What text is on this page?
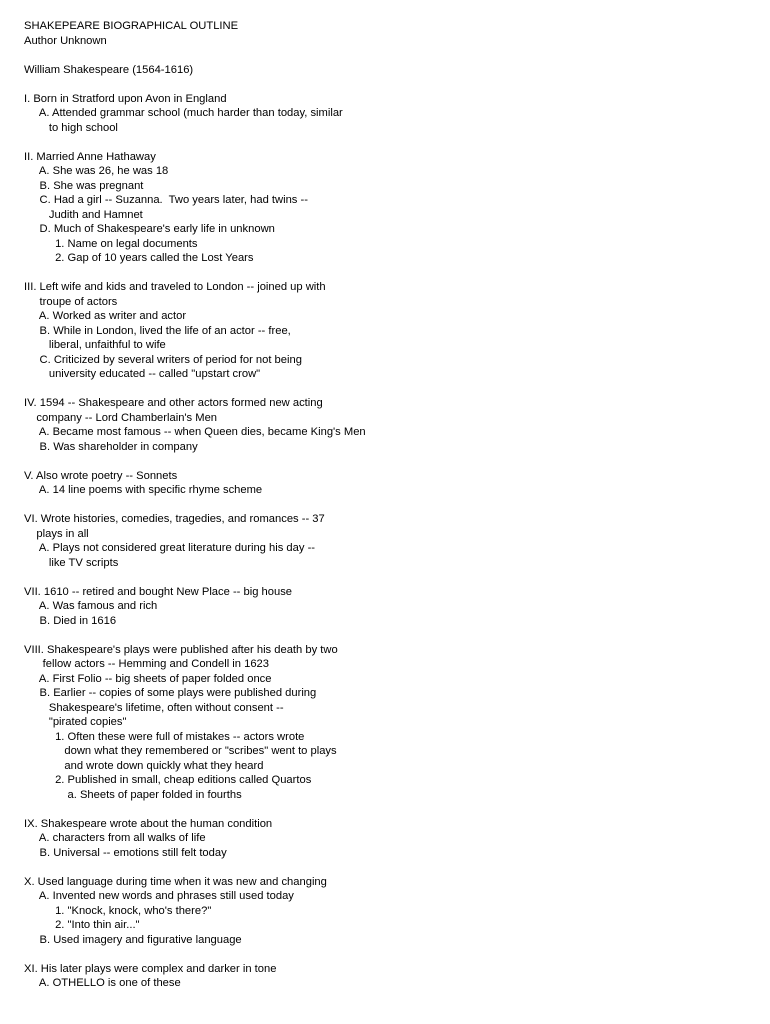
SHAKEPEARE BIOGRAPHICAL OUTLINE
Author Unknown
William Shakespeare (1564-1616)
I. Born in Stratford upon Avon in England
A. Attended grammar school (much harder than today, similar
to high school
II. Married Anne Hathaway
A. She was 26, he was 18
B. She was pregnant
C. Had a girl -- Suzanna.  Two years later, had twins --
Judith and Hamnet
D. Much of Shakespeare's early life in unknown
1. Name on legal documents
2. Gap of 10 years called the Lost Years
III. Left wife and kids and traveled to London -- joined up with
troupe of actors
A. Worked as writer and actor
B. While in London, lived the life of an actor -- free,
liberal, unfaithful to wife
C. Criticized by several writers of period for not being
university educated -- called "upstart crow"
IV. 1594 -- Shakespeare and other actors formed new acting
company -- Lord Chamberlain's Men
A. Became most famous -- when Queen dies, became King's Men
B. Was shareholder in company
V. Also wrote poetry -- Sonnets
A. 14 line poems with specific rhyme scheme
VI. Wrote histories, comedies, tragedies, and romances -- 37
plays in all
A. Plays not considered great literature during his day --
like TV scripts
VII. 1610 -- retired and bought New Place -- big house
A. Was famous and rich
B. Died in 1616
VIII. Shakespeare's plays were published after his death by two
fellow actors -- Hemming and Condell in 1623
A. First Folio -- big sheets of paper folded once
B. Earlier -- copies of some plays were published during
Shakespeare's lifetime, often without consent --
"pirated copies"
1. Often these were full of mistakes -- actors wrote
down what they remembered or "scribes" went to plays
and wrote down quickly what they heard
2. Published in small, cheap editions called Quartos
a. Sheets of paper folded in fourths
IX. Shakespeare wrote about the human condition
A. characters from all walks of life
B. Universal -- emotions still felt today
X. Used language during time when it was new and changing
A. Invented new words and phrases still used today
1. "Knock, knock, who's there?"
2. "Into thin air..."
B. Used imagery and figurative language
XI. His later plays were complex and darker in tone
A. OTHELLO is one of these
